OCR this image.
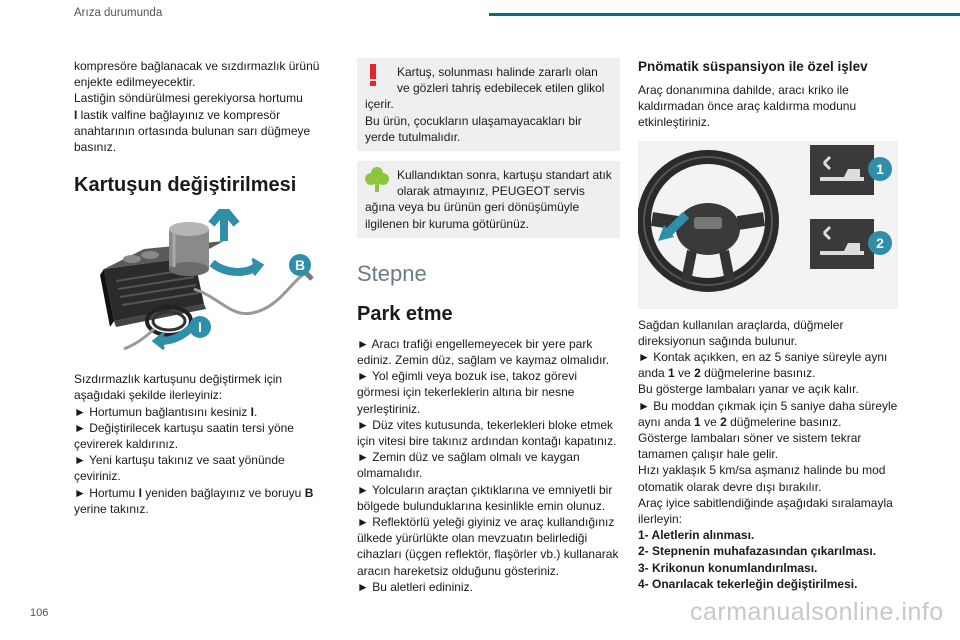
Arıza durumunda

kompresöre bağlanacak ve sızdırmazlık ürünü enjekte edilmeyecektir.

Lastiğin söndürülmesi gerekiyorsa hortumu
I lastik valfine bağlayınız ve kompresör anahtarının ortasında bulunan sarı düğmeye basınız.

Kartuşun değiştirilmesi
B
I

Sızdırmazlık kartuşunu değiştirmek için aşağıdaki şekilde ilerleyiniz:

► Hortumun bağlantısını kesiniz I.

► Değiştirilecek kartuşu saatin tersi yöne çevirerek kaldırınız.

► Yeni kartuşu takınız ve saat yönünde çeviriniz.

► Hortumu I yeniden bağlayınız ve boruyu B yerine takınız.

Kartuş, solunması halinde zararlı olan ve gözleri tahriş edebilecek etilen glikol

içerir.

Bu ürün, çocukların ulaşamayacakları bir yerde tutulmalıdır.

Kullandıktan sonra, kartuşu standart atık olarak atmayınız, PEUGEOT servis

ağına veya bu ürünün geri dönüşümüyle ilgilenen bir kuruma götürünüz.

Stepne
Park etme

► Aracı trafiği engellemeyecek bir yere park ediniz. Zemin düz, sağlam ve kaymaz olmalıdır.

► Yol eğimli veya bozuk ise, takoz görevi görmesi için tekerleklerin altına bir nesne yerleştiriniz.

► Düz vites kutusunda, tekerlekleri bloke etmek için vitesi bire takınız ardından kontağı kapatınız.

► Zemin düz ve sağlam olmalı ve kaygan olmamalıdır.

► Yolcuların araçtan çıktıklarına ve emniyetli bir bölgede bulunduklarına kesinlikle emin olunuz.

► Reflektörlü yeleği giyiniz ve araç kullandığınız ülkede yürürlükte olan mevzuatın belirlediği cihazları (üçgen reflektör, flaşörler vb.) kullanarak aracın hareketsiz olduğunu gösteriniz.

► Bu aletleri edininiz.

Pnömatik süspansiyon ile özel işlev

Araç donanımına dahilde, aracı kriko ile kaldırmadan önce araç kaldırma modunu etkinleştiriniz.

1
2

Sağdan kullanılan araçlarda, düğmeler direksiyonun sağında bulunur.

► Kontak açıkken, en az 5 saniye süreyle aynı anda 1 ve 2 düğmelerine basınız.

Bu gösterge lambaları yanar ve açık kalır.

► Bu moddan çıkmak için 5 saniye daha süreyle aynı anda 1 ve 2 düğmelerine basınız.

Gösterge lambaları söner ve sistem tekrar tamamen çalışır hale gelir.

Hızı yaklaşık 5 km/sa aşmanız halinde bu mod otomatik olarak devre dışı bırakılır.

Araç iyice sabitlendiğinde aşağıdaki sıralamayla ilerleyin:

1- Aletlerin alınması.
2- Stepnenin muhafazasından çıkarılması.
3- Krikonun konumlandırılması.
4- Onarılacak tekerleğin değiştirilmesi.
106	carmanualsonline.info
